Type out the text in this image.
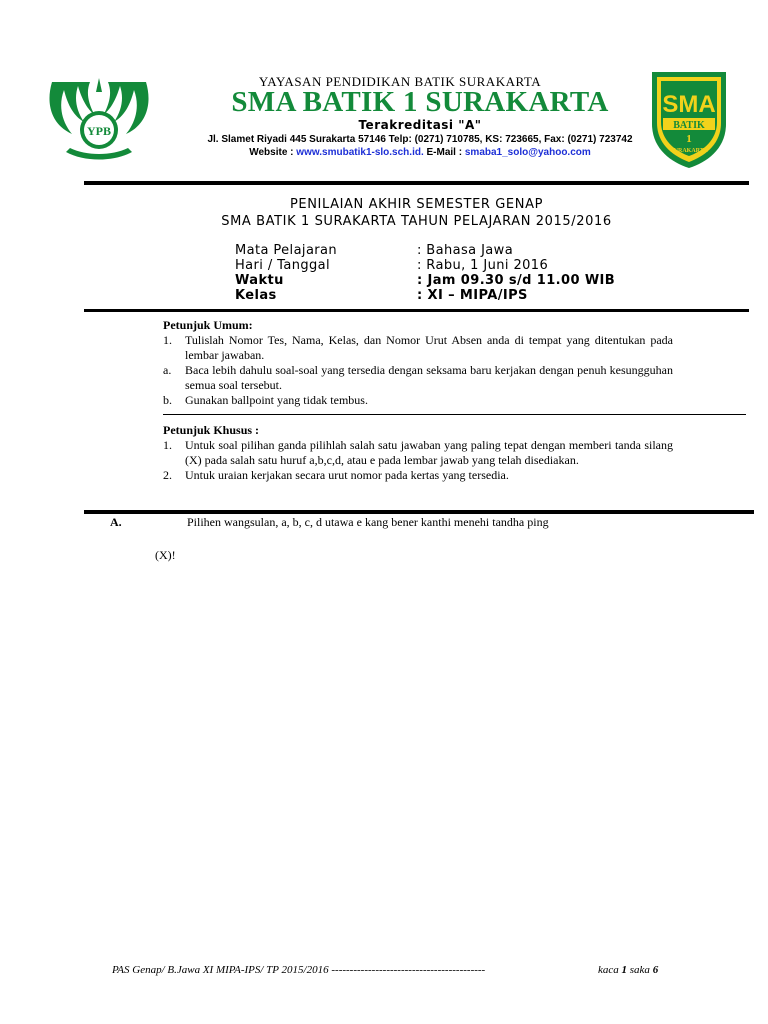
YPB
SMA
BATIK
1
SURAKARTA
YAYASAN PENDIDIKAN BATIK SURAKARTA
SMA BATIK 1 SURAKARTA
Terakreditasi "A"
Jl. Slamet Riyadi 445 Surakarta 57146 Telp: (0271) 710785, KS: 723665, Fax: (0271) 723742
Website : www.smubatik1-slo.sch.id. E-Mail : smaba1_solo@yahoo.com
PENILAIAN AKHIR SEMESTER GENAP
SMA BATIK 1 SURAKARTA TAHUN PELAJARAN 2015/2016
Mata Pelajaran	: Bahasa Jawa
Hari / Tanggal	: Rabu, 1 Juni 2016
Waktu	: Jam 09.30 s/d 11.00 WIB
Kelas	: XI – MIPA/IPS
Petunjuk Umum:
1.	Tulislah Nomor Tes, Nama, Kelas, dan Nomor Urut Absen anda di tempat yang ditentukan pada lembar jawaban.
a.	Baca lebih dahulu soal-soal yang tersedia dengan seksama baru kerjakan dengan penuh kesungguhan semua soal tersebut.
b.	Gunakan ballpoint yang tidak tembus.
Petunjuk Khusus :
1.	Untuk soal pilihan ganda pilihlah salah satu jawaban yang paling tepat dengan memberi tanda silang (X) pada salah satu huruf a,b,c,d, atau e pada lembar jawab yang telah disediakan.
2.	Untuk uraian kerjakan secara urut nomor pada kertas yang tersedia.
A.	Pilihen wangsulan, a, b, c, d utawa e kang bener kanthi menehi tandha ping
(X)!
PAS Genap/ B.Jawa XI MIPA-IPS/ TP 2015/2016 ------------------------------------------	kaca 1 saka 6
